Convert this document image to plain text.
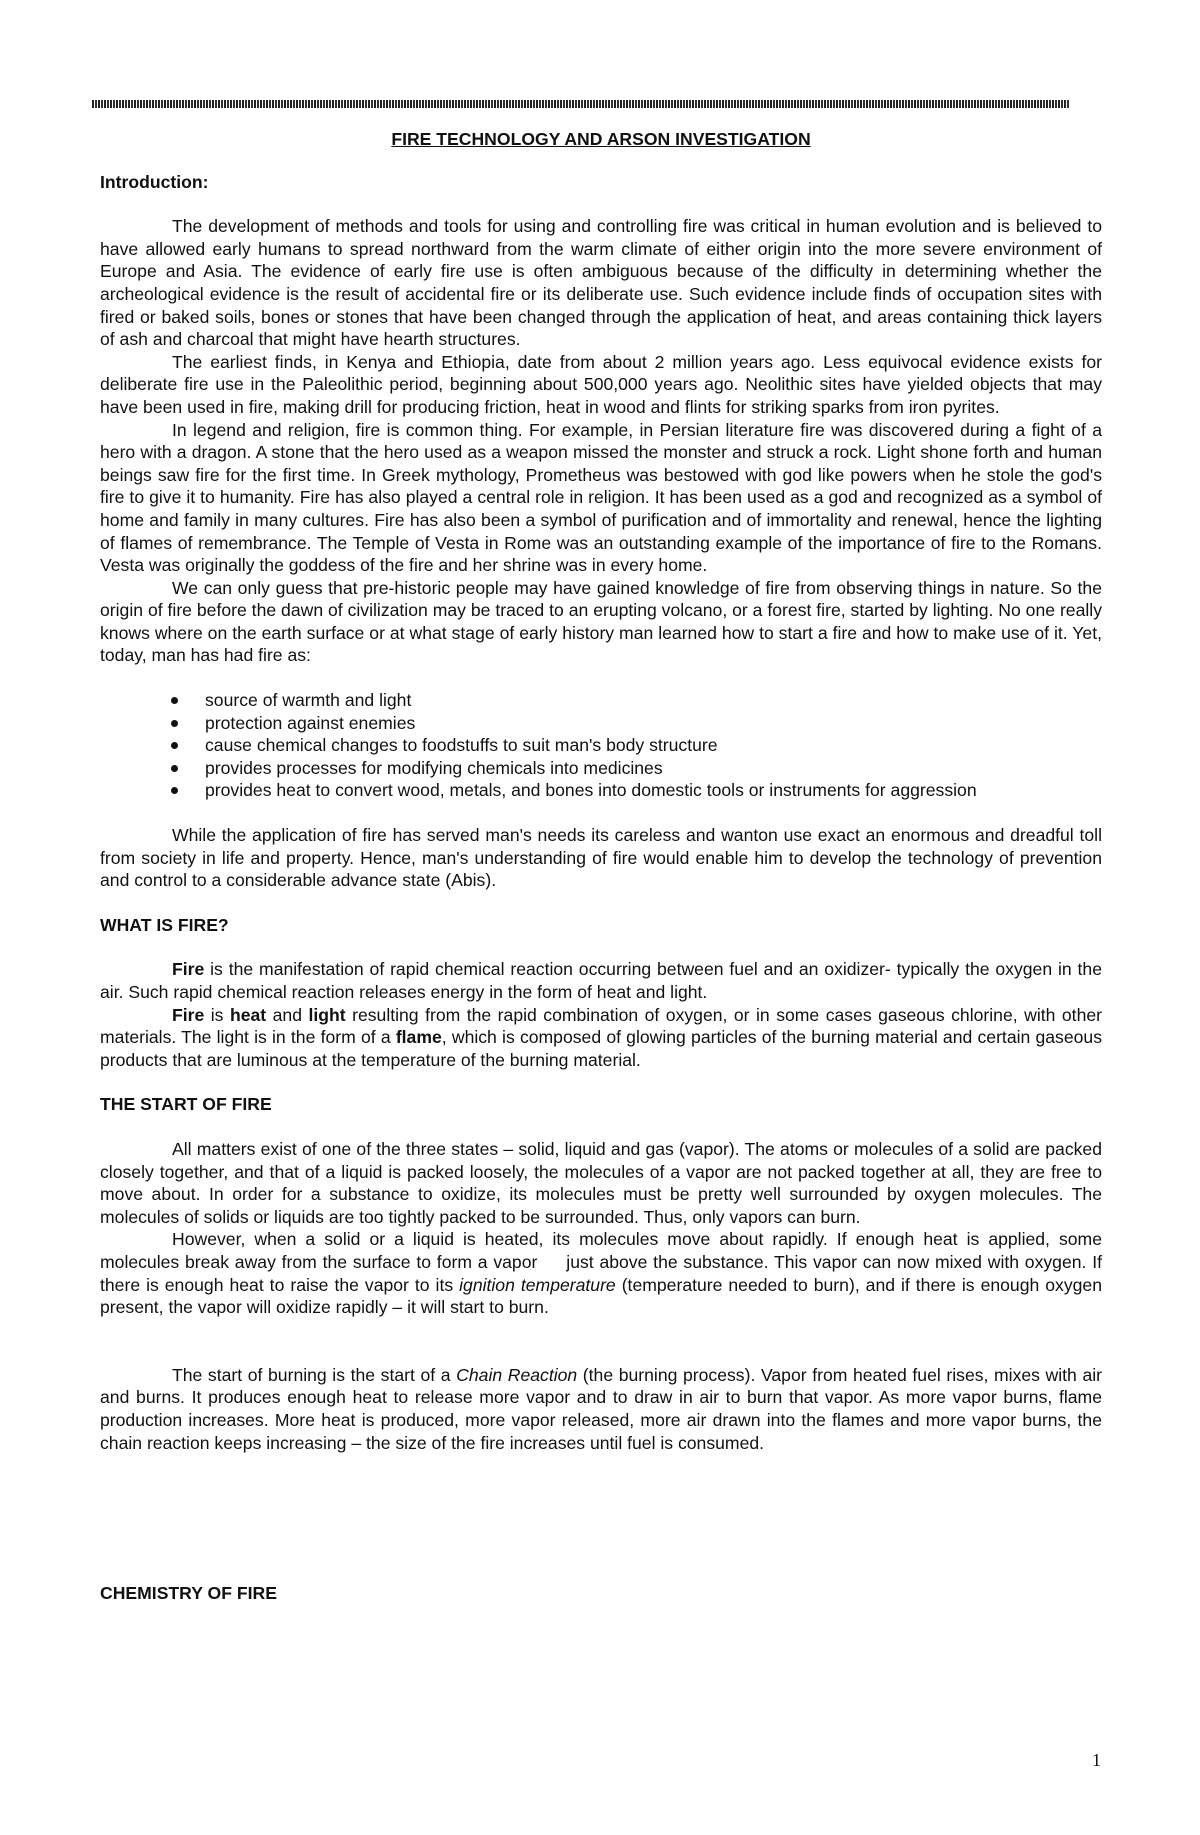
FIRE TECHNOLOGY AND ARSON INVESTIGATION

Introduction:

The development of methods and tools for using and controlling fire was critical in human evolution and is believed to have allowed early humans to spread northward from the warm climate of either origin into the more severe environment of Europe and Asia. The evidence of early fire use is often ambiguous because of the difficulty in determining whether the archeological evidence is the result of accidental fire or its deliberate use. Such evidence include finds of occupation sites with fired or baked soils, bones or stones that have been changed through the application of heat, and areas containing thick layers of ash and charcoal that might have hearth structures.

The earliest finds, in Kenya and Ethiopia, date from about 2 million years ago. Less equivocal evidence exists for deliberate fire use in the Paleolithic period, beginning about 500,000 years ago. Neolithic sites have yielded objects that may have been used in fire, making drill for producing friction, heat in wood and flints for striking sparks from iron pyrites.

In legend and religion, fire is common thing. For example, in Persian literature fire was discovered during a fight of a hero with a dragon. A stone that the hero used as a weapon missed the monster and struck a rock. Light shone forth and human beings saw fire for the first time. In Greek mythology, Prometheus was bestowed with god like powers when he stole the god's fire to give it to humanity. Fire has also played a central role in religion. It has been used as a god and recognized as a symbol of home and family in many cultures. Fire has also been a symbol of purification and of immortality and renewal, hence the lighting of flames of remembrance. The Temple of Vesta in Rome was an outstanding example of the importance of fire to the Romans. Vesta was originally the goddess of the fire and her shrine was in every home.

We can only guess that pre-historic people may have gained knowledge of fire from observing things in nature. So the origin of fire before the dawn of civilization may be traced to an erupting volcano, or a forest fire, started by lighting. No one really knows where on the earth surface or at what stage of early history man learned how to start a fire and how to make use of it. Yet, today, man has had fire as:

source of warmth and light
protection against enemies
cause chemical changes to foodstuffs to suit man's body structure
provides processes for modifying chemicals into medicines
provides heat to convert wood, metals, and bones into domestic tools or instruments for aggression

While the application of fire has served man's needs its careless and wanton use exact an enormous and dreadful toll from society in life and property. Hence, man's understanding of fire would enable him to develop the technology of prevention and control to a considerable advance state (Abis).

WHAT IS FIRE?

Fire is the manifestation of rapid chemical reaction occurring between fuel and an oxidizer- typically the oxygen in the air. Such rapid chemical reaction releases energy in the form of heat and light.

Fire is heat and light resulting from the rapid combination of oxygen, or in some cases gaseous chlorine, with other materials. The light is in the form of a flame, which is composed of glowing particles of the burning material and certain gaseous products that are luminous at the temperature of the burning material.

THE START OF FIRE

All matters exist of one of the three states – solid, liquid and gas (vapor). The atoms or molecules of a solid are packed closely together, and that of a liquid is packed loosely, the molecules of a vapor are not packed together at all, they are free to move about. In order for a substance to oxidize, its molecules must be pretty well surrounded by oxygen molecules. The molecules of solids or liquids are too tightly packed to be surrounded. Thus, only vapors can burn.

However, when a solid or a liquid is heated, its molecules move about rapidly. If enough heat is applied, some molecules break away from the surface to form a vapor     just above the substance. This vapor can now mixed with oxygen. If there is enough heat to raise the vapor to its ignition temperature (temperature needed to burn), and if there is enough oxygen present, the vapor will oxidize rapidly – it will start to burn.

The start of burning is the start of a Chain Reaction (the burning process). Vapor from heated fuel rises, mixes with air and burns. It produces enough heat to release more vapor and to draw in air to burn that vapor. As more vapor burns, flame production increases. More heat is produced, more vapor released, more air drawn into the flames and more vapor burns, the chain reaction keeps increasing – the size of the fire increases until fuel is consumed.

CHEMISTRY OF FIRE

1
